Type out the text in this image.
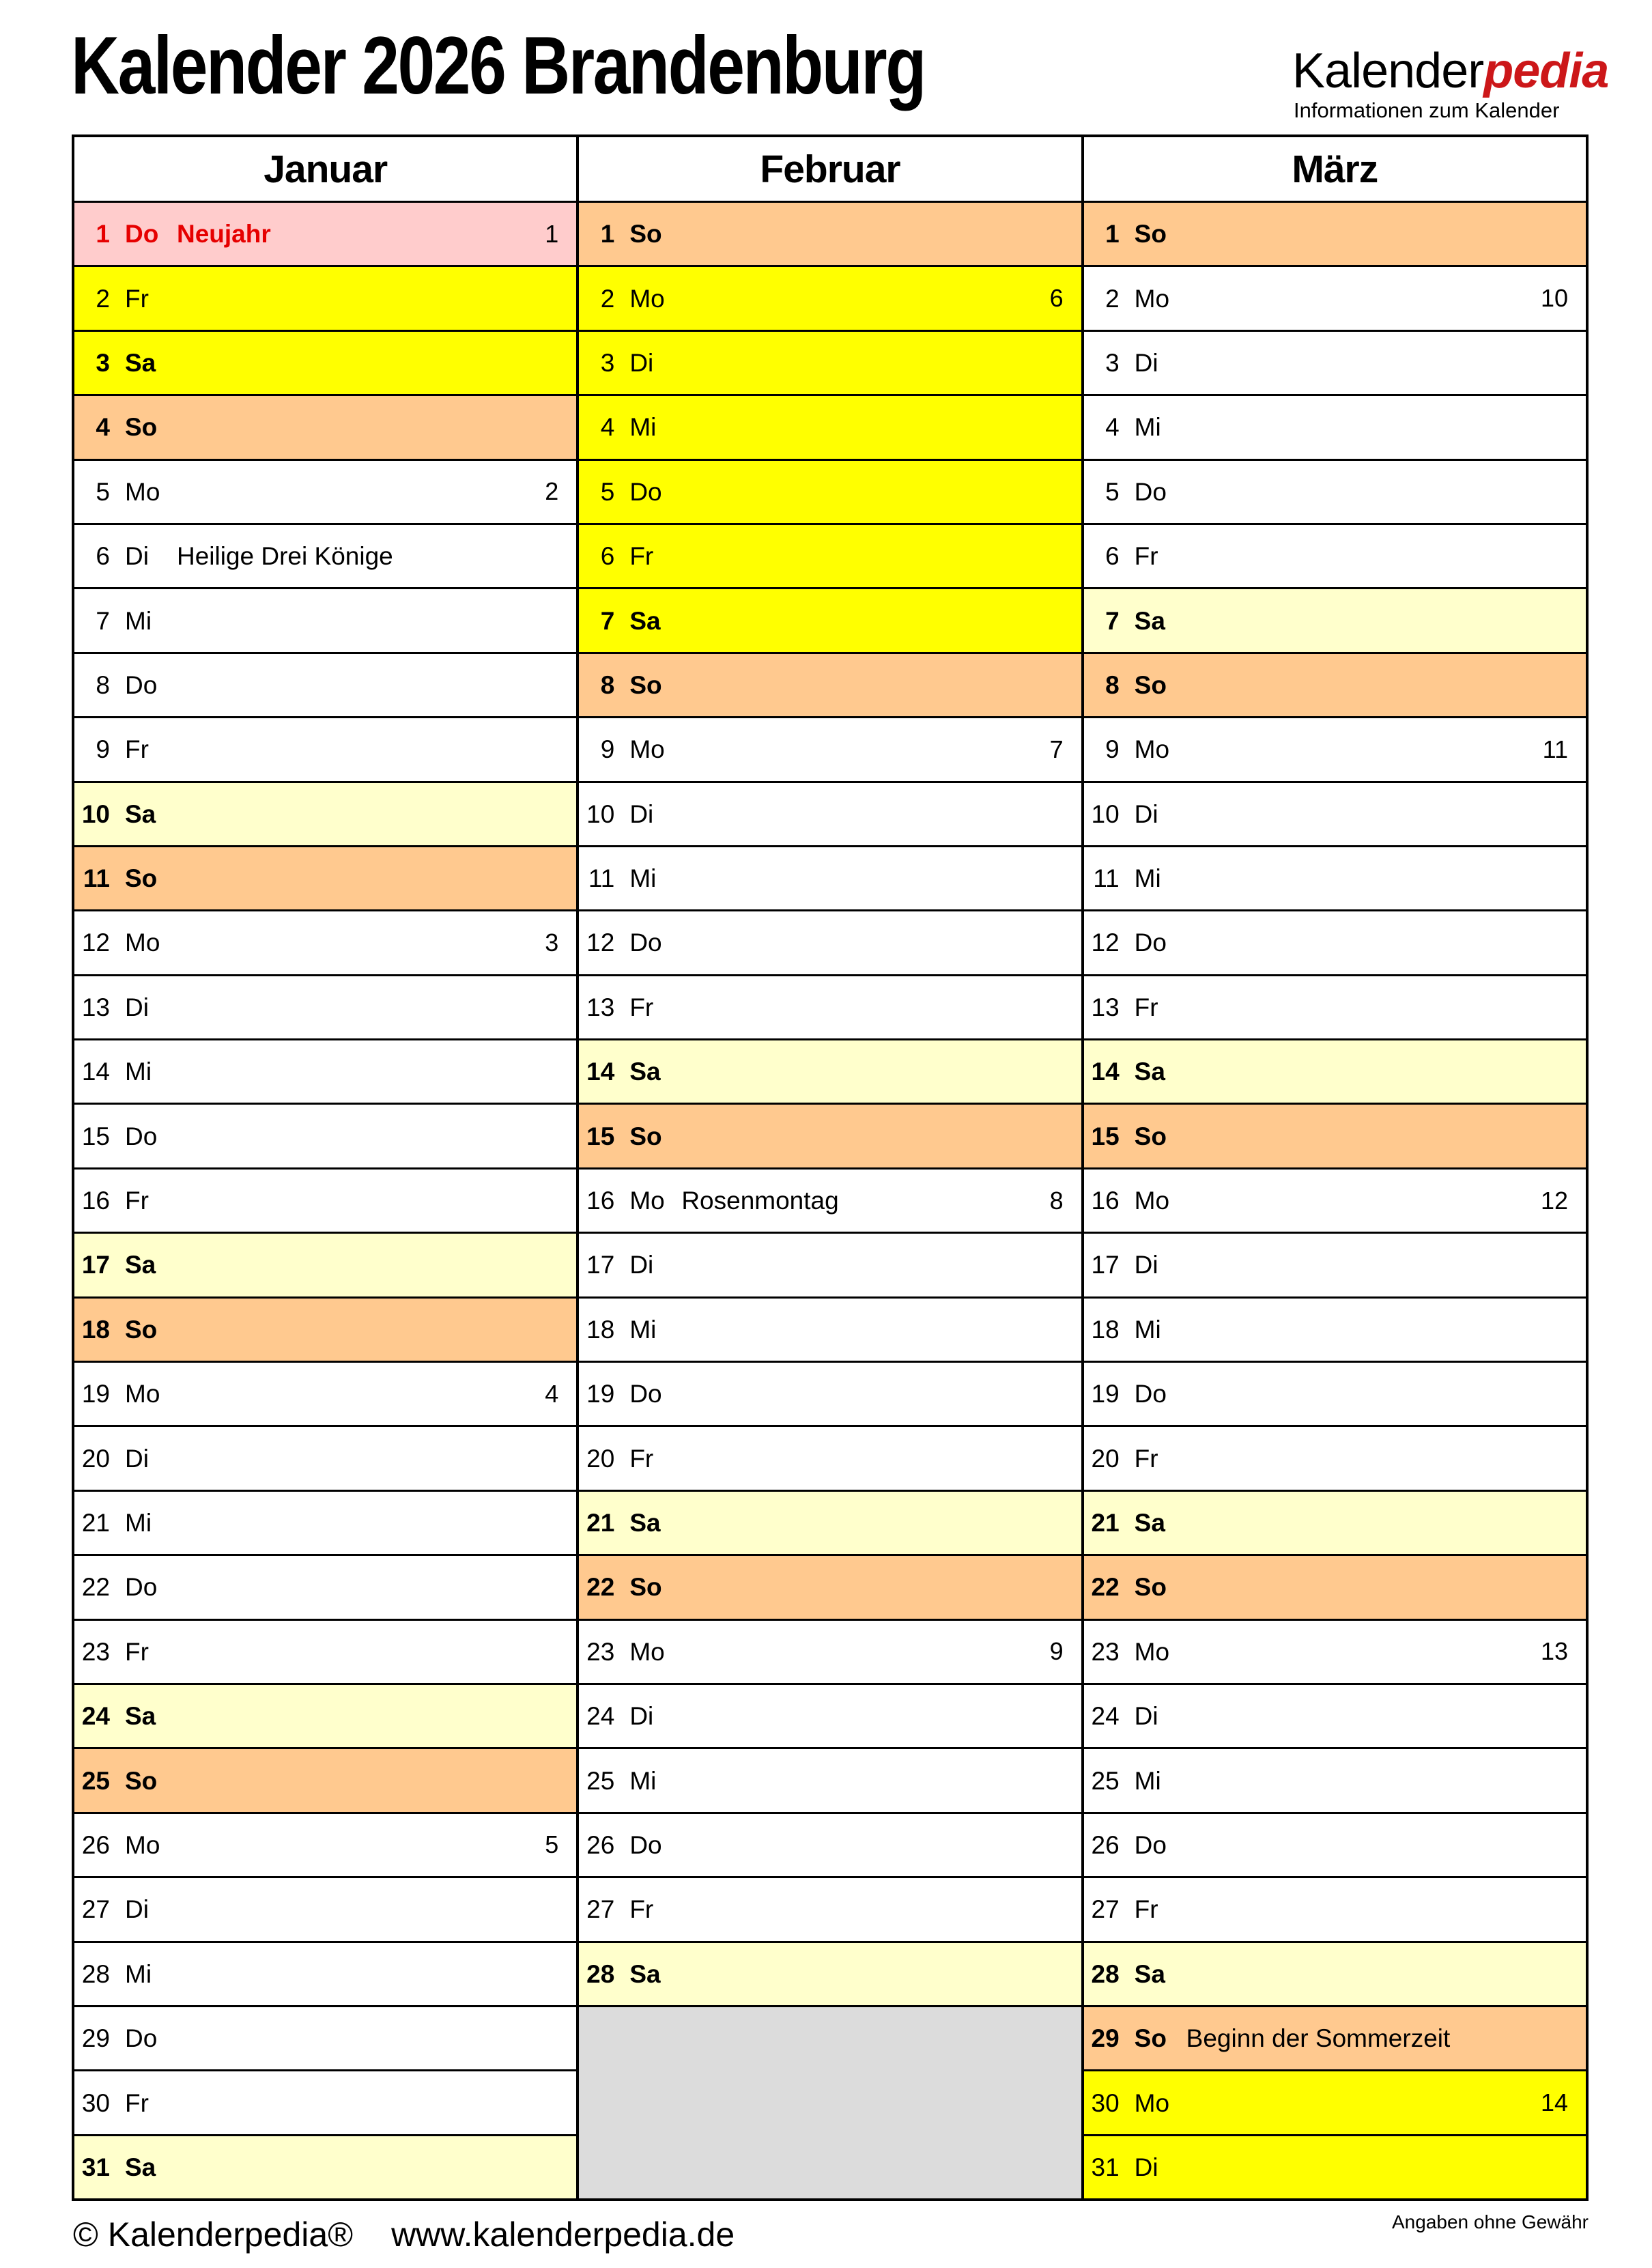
Kalender 2026 Brandenburg	Kalenderpedia
Informationen zum Kalender
Januar
1 Do Neujahr	1
2 Fr
3 Sa
4 So
5 Mo	2
6 Di	Heilige Drei Könige
7 Mi
8 Do
9 Fr
10 Sa
11 So
12 Mo	3
13 Di
14 Mi
15 Do
16 Fr
17 Sa
18 So
19 Mo	4
20 Di
21 Mi
22 Do
23 Fr
24 Sa
25 So
26 Mo	5
27 Di
28 Mi
29 Do
30 Fr
31 Sa
Februar
1 So
2 Mo	6
3 Di
4 Mi
5 Do
6 Fr
7 Sa
8 So
9 Mo	7
10 Di
11 Mi
12 Do
13 Fr
14 Sa
15 So
16 Mo Rosenmontag	8
17 Di
18 Mi
19 Do
20 Fr
21 Sa
22 So
23 Mo	9
24 Di
25 Mi
26 Do
27 Fr
28 Sa
März
1 So
2 Mo	10
3 Di
4 Mi
5 Do
6 Fr
7 Sa
8 So
9 Mo	11
10 Di
11 Mi
12 Do
13 Fr
14 Sa
15 So
16 Mo	12
17 Di
18 Mi
19 Do
20 Fr
21 Sa
22 So
23 Mo	13
24 Di
25 Mi
26 Do
27 Fr
28 Sa
29 So Beginn der Sommerzeit
30 Mo	14
31 Di
© Kalenderpedia® www.kalenderpedia.de	Angaben ohne Gewähr
